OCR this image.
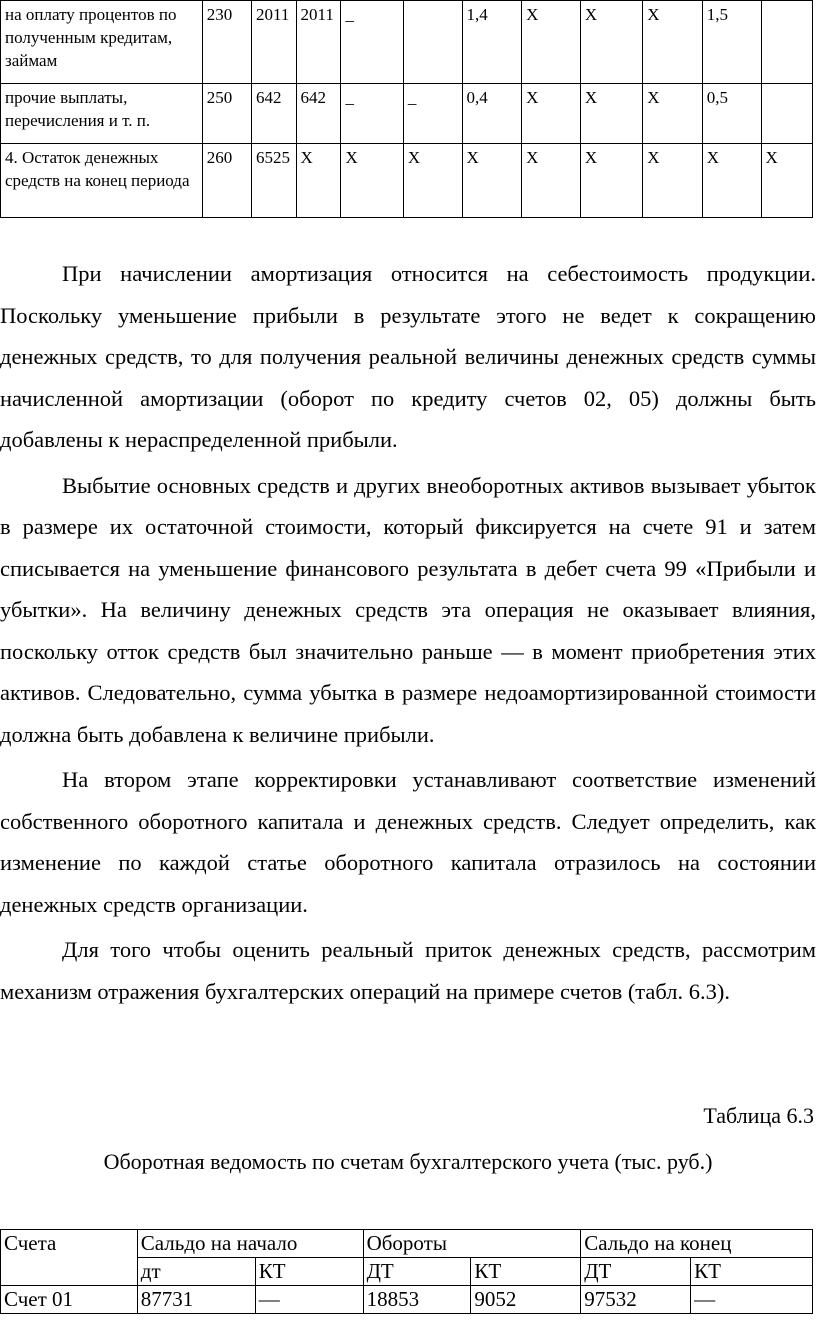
на оплату процентов по полученным кредитам, займам	230	2011	2011	_		1,4	Х	Х	Х	1,5	
прочие выплаты, перечисления и т. п.	250	642	642	_	_	0,4	Х	Х	Х	0,5	
4. Остаток денежных средств на конец периода	260	6525	Х	Х	Х	Х	Х	Х	Х	Х	Х

При начислении амортизация относится на себестоимость продукции. Поскольку уменьшение прибыли в результате этого не ведет к сокращению денежных средств, то для получения реальной величины денежных средств суммы начисленной амортизации (оборот по кредиту счетов 02, 05) должны быть добавлены к нераспределенной прибыли.

Выбытие основных средств и других внеоборотных активов вызывает убыток в размере их остаточной стоимости, который фиксируется на счете 91 и затем списывается на уменьшение финансового результата в дебет счета 99 «Прибыли и убытки». На величину денежных средств эта операция не оказывает влияния, поскольку отток средств был значительно раньше — в момент приобретения этих активов. Следовательно, сумма убытка в размере недоамортизированной стоимости должна быть добавлена к величине прибыли.

На втором этапе корректировки устанавливают соответствие изменений собственного оборотного капитала и денежных средств. Следует определить, как изменение по каждой статье оборотного капитала отразилось на состоянии денежных средств организации.

Для того чтобы оценить реальный приток денежных средств, рассмотрим механизм отражения бухгалтерских операций на примере счетов (табл. 6.3).

Таблица 6.3
Оборотная ведомость по счетам бухгалтерского учета (тыс. руб.)
Счета	Сальдо на начало		Обороты		Сальдо на конец	
	дт	КТ	ДТ	КТ	ДТ	КТ
Счет 01	87731	—	18853	9052	97532	—
